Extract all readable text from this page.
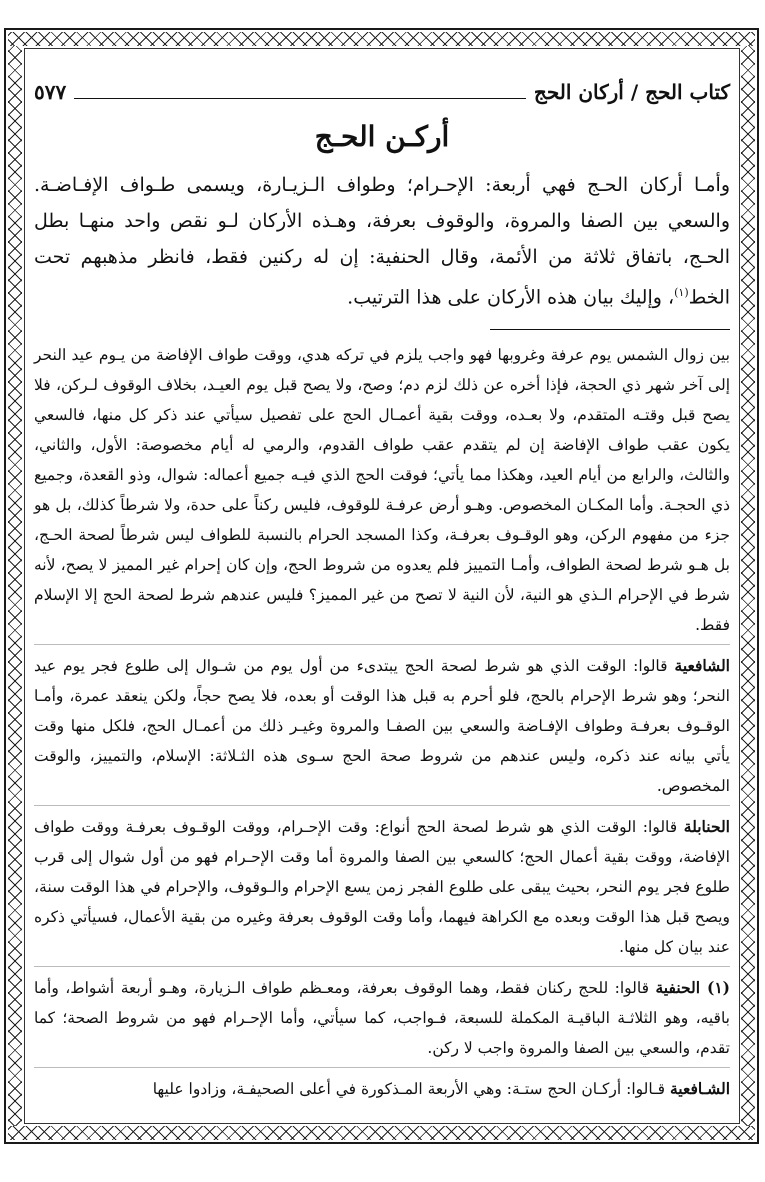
كتاب الحج / أركان الحج
٥٧٧
أركـن الحـج

وأمـا أركان الحـج فهي أربعة: الإحـرام؛ وطواف الـزيـارة، ويسمى طـواف الإفـاضـة. والسعي بين الصفا والمروة، والوقوف بعرفة، وهـذه الأركان لـو نقص واحد منهـا بطل الحـج، باتفاق ثلاثة من الأئمة، وقال الحنفية: إن له ركنين فقط، فانظر مذهبهم تحت الخط$^{(١)}$، وإليك بيان هذه الأركان على هذا الترتيب.

بين زوال الشمس يوم عرفة وغروبها فهو واجب يلزم في تركه هدي، ووقت طواف الإفاضة من يـوم عيد النحر إلى آخر شهر ذي الحجة، فإذا أخره عن ذلك لزم دم؛ وصح، ولا يصح قبل يوم العيـد، بخلاف الوقوف لـركن، فلا يصح قبل وقتـه المتقدم، ولا بعـده، ووقت بقية أعمـال الحج على تفصيل سيأتي عند ذكر كل منها، فالسعي يكون عقب طواف الإفاضة إن لم يتقدم عقب طواف القدوم، والرمي له أيام مخصوصة: الأول، والثاني، والثالث، والرابع من أيام العيد، وهكذا مما يأتي؛ فوقت الحج الذي فيـه جميع أعماله: شوال، وذو القعدة، وجميع ذي الحجـة. وأما المكـان المخصوص. وهـو أرض عرفـة للوقوف، فليس ركناً على حدة، ولا شرطاً كذلك، بل هو جزء من مفهوم الركن، وهو الوقـوف بعرفـة، وكذا المسجد الحرام بالنسبة للطواف ليس شرطاً لصحة الحـج، بل هـو شرط لصحة الطواف، وأمـا التمييز فلم يعدوه من شروط الحج، وإن كان إحرام غير المميز لا يصح، لأنه شرط في الإحرام الـذي هو النية، لأن النية لا تصح من غير المميز؟ فليس عندهم شرط لصحة الحج إلا الإسلام فقط.

الشافعية قالوا: الوقت الذي هو شرط لصحة الحج يبتدىء من أول يوم من شـوال إلى طلوع فجر يوم عيد النحر؛ وهو شرط الإحرام بالحج، فلو أحرم به قبل هذا الوقت أو بعده، فلا يصح حجاً، ولكن ينعقد عمرة، وأمـا الوقـوف بعرفـة وطواف الإفـاضة والسعي بين الصفـا والمروة وغيـر ذلك من أعمـال الحج، فلكل منها وقت يأتي بيانه عند ذكره، وليس عندهم من شروط صحة الحج سـوى هذه الثـلاثة: الإسلام، والتمييز، والوقت المخصوص.

الحنابلة قالوا: الوقت الذي هو شرط لصحة الحج أنواع: وقت الإحـرام، ووقت الوقـوف بعرفـة ووقت طواف الإفاضة، ووقت بقية أعمال الحج؛ كالسعي بين الصفا والمروة أما وقت الإحـرام فهو من أول شوال إلى قرب طلوع فجر يوم النحر، بحيث يبقى على طلوع الفجر زمن يسع الإحرام والـوقوف، والإحرام في هذا الوقت سنة، ويصح قبل هذا الوقت وبعده مع الكراهة فيهما، وأما وقت الوقوف بعرفة وغيره من بقية الأعمال، فسيأتي ذكره عند بيان كل منها.

(١) الحنفية قالوا: للحج ركنان فقط، وهما الوقوف بعرفة، ومعـظم طواف الـزيارة، وهـو أربعة أشواط، وأما باقيه، وهو الثلاثـة الباقيـة المكملة للسبعة، فـواجب، كما سيأتي، وأما الإحـرام فهو من شروط الصحة؛ كما تقدم، والسعي بين الصفا والمروة واجب لا ركن.

الشـافعية قـالوا: أركـان الحج ستـة: وهي الأربعة المـذكورة في أعلى الصحيفـة، وزادوا عليها
